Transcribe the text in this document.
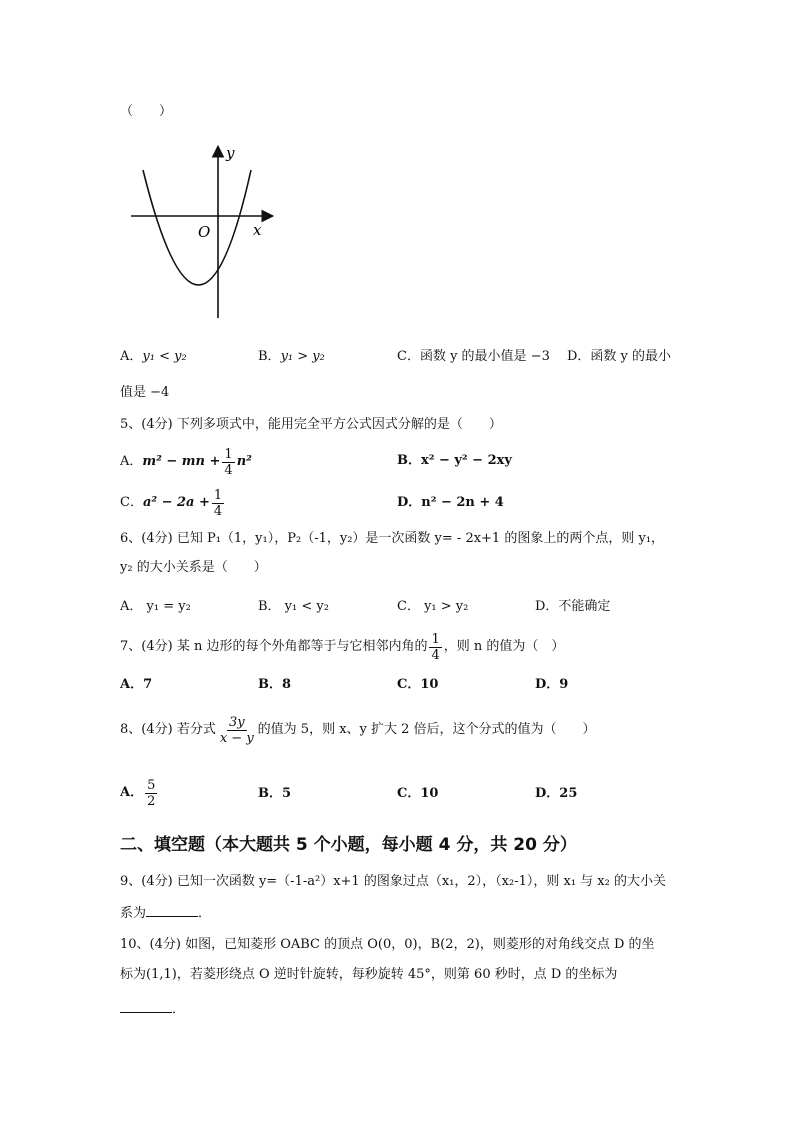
（　　）
y
x
O
A．y₁ < y₂	B．y₁ > y₂	C．函数 y 的最小值是 −3 D．函数 y 的最小
值是 −4
5、(4分) 下列多项式中，能用完全平方公式因式分解的是（　　）
A． m² − mn + $\frac{1}{4} n^2$	B．x² − y² − 2xy
C． $a^2 - 2a + \frac{1}{4}$	D．n² − 2n + 4
6、(4分) 已知 P₁（1，y₁），P₂（-1，y₂）是一次函数 y= - 2x+1 的图象上的两个点，则 y₁，
y₂ 的大小关系是（　　）
A． y₁ = y₂	B． y₁ < y₂	C． y₁ > y₂	D．不能确定
7、(4分) 某 n 边形的每个外角都等于与它相邻内角的 $\frac{1}{4}$ ，则 n 的值为（　）
A．7	B．8	C．10	D．9
8、(4分) 若分式 $\frac{3y}{x - y}$ 的值为 5，则 x、y 扩大 2 倍后，这个分式的值为（　　）
A． $\frac{5}{2}$	B．5	C．10	D．25
二、填空题（本大题共 5 个小题，每小题 4 分，共 20 分）
9、(4分) 已知一次函数 y=（-1-a²）x+1 的图象过点（x₁，2），（x₂-1），则 x₁ 与 x₂ 的大小关
系为	．
10、(4分) 如图，已知菱形 OABC 的顶点 O(0，0)，B(2，2)，则菱形的对角线交点 D 的坐
标为(1,1)，若菱形绕点 O 逆时针旋转，每秒旋转 45°，则第 60 秒时，点 D 的坐标为
．
